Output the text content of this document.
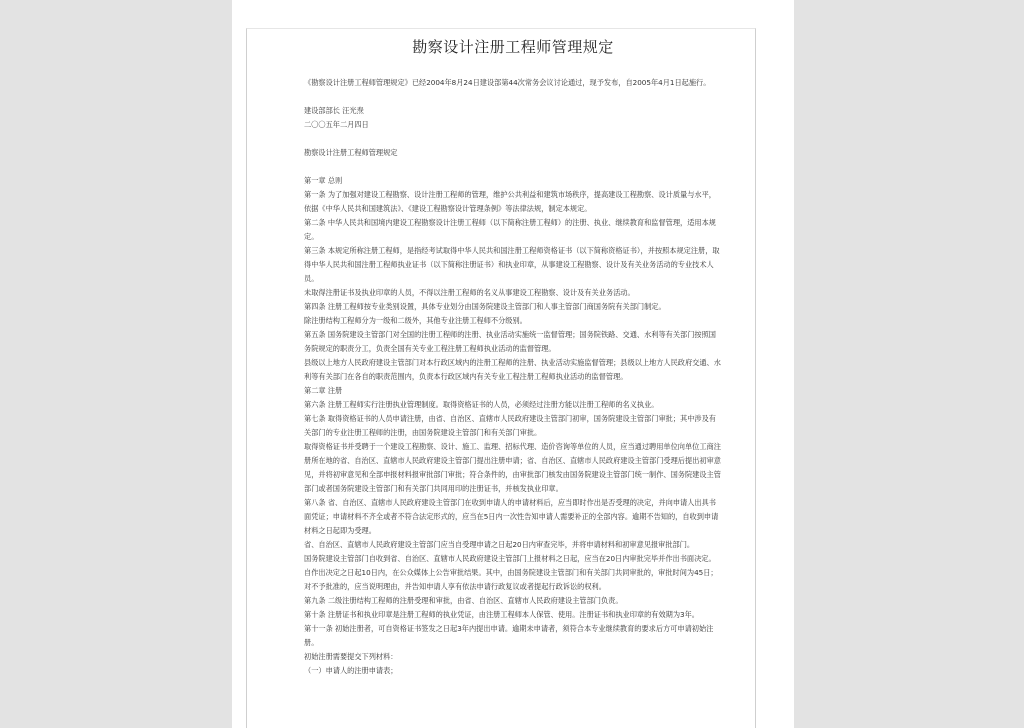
勘察设计注册工程师管理规定

《勘察设计注册工程师管理规定》已经2004年8月24日建设部第44次常务会议讨论通过，现予发布，自2005年4月1日起施行。

建设部部长 汪光焘

二〇〇五年二月四日

勘察设计注册工程师管理规定

第一章 总则

第一条 为了加强对建设工程勘察、设计注册工程师的管理，维护公共利益和建筑市场秩序，提高建设工程勘察、设计质量与水平，依据《中华人民共和国建筑法》、《建设工程勘察设计管理条例》等法律法规，制定本规定。

第二条 中华人民共和国境内建设工程勘察设计注册工程师（以下简称注册工程师）的注册、执业、继续教育和监督管理，适用本规定。

第三条 本规定所称注册工程师，是指经考试取得中华人民共和国注册工程师资格证书（以下简称资格证书），并按照本规定注册，取得中华人民共和国注册工程师执业证书（以下简称注册证书）和执业印章，从事建设工程勘察、设计及有关业务活动的专业技术人员。

未取得注册证书及执业印章的人员，不得以注册工程师的名义从事建设工程勘察、设计及有关业务活动。

第四条 注册工程师按专业类别设置，具体专业划分由国务院建设主管部门和人事主管部门商国务院有关部门制定。

除注册结构工程师分为一级和二级外，其他专业注册工程师不分级别。

第五条 国务院建设主管部门对全国的注册工程师的注册、执业活动实施统一监督管理；国务院铁路、交通、水利等有关部门按照国务院规定的职责分工，负责全国有关专业工程注册工程师执业活动的监督管理。

县级以上地方人民政府建设主管部门对本行政区域内的注册工程师的注册、执业活动实施监督管理；县级以上地方人民政府交通、水利等有关部门在各自的职责范围内，负责本行政区域内有关专业工程注册工程师执业活动的监督管理。

第二章 注册

第六条 注册工程师实行注册执业管理制度。取得资格证书的人员，必须经过注册方能以注册工程师的名义执业。

第七条 取得资格证书的人员申请注册，由省、自治区、直辖市人民政府建设主管部门初审，国务院建设主管部门审批；其中涉及有关部门的专业注册工程师的注册，由国务院建设主管部门和有关部门审批。

取得资格证书并受聘于一个建设工程勘察、设计、施工、监理、招标代理、造价咨询等单位的人员，应当通过聘用单位向单位工商注册所在地的省、自治区、直辖市人民政府建设主管部门提出注册申请；省、自治区、直辖市人民政府建设主管部门受理后提出初审意见，并将初审意见和全部申报材料报审批部门审批；符合条件的，由审批部门核发由国务院建设主管部门统一制作、国务院建设主管部门或者国务院建设主管部门和有关部门共同用印的注册证书，并核发执业印章。

第八条 省、自治区、直辖市人民政府建设主管部门在收到申请人的申请材料后，应当即时作出是否受理的决定，并向申请人出具书面凭证；申请材料不齐全或者不符合法定形式的，应当在5日内一次性告知申请人需要补正的全部内容。逾期不告知的，自收到申请材料之日起即为受理。

省、自治区、直辖市人民政府建设主管部门应当自受理申请之日起20日内审查完毕，并将申请材料和初审意见报审批部门。

国务院建设主管部门自收到省、自治区、直辖市人民政府建设主管部门上报材料之日起，应当在20日内审批完毕并作出书面决定。自作出决定之日起10日内，在公众媒体上公告审批结果。其中，由国务院建设主管部门和有关部门共同审批的，审批时间为45日；对不予批准的，应当说明理由，并告知申请人享有依法申请行政复议或者提起行政诉讼的权利。

第九条 二级注册结构工程师的注册受理和审批，由省、自治区、直辖市人民政府建设主管部门负责。

第十条 注册证书和执业印章是注册工程师的执业凭证，由注册工程师本人保管、使用。注册证书和执业印章的有效期为3年。

第十一条 初始注册者，可自资格证书签发之日起3年内提出申请。逾期未申请者，须符合本专业继续教育的要求后方可申请初始注册。

初始注册需要提交下列材料：

（一）申请人的注册申请表；
